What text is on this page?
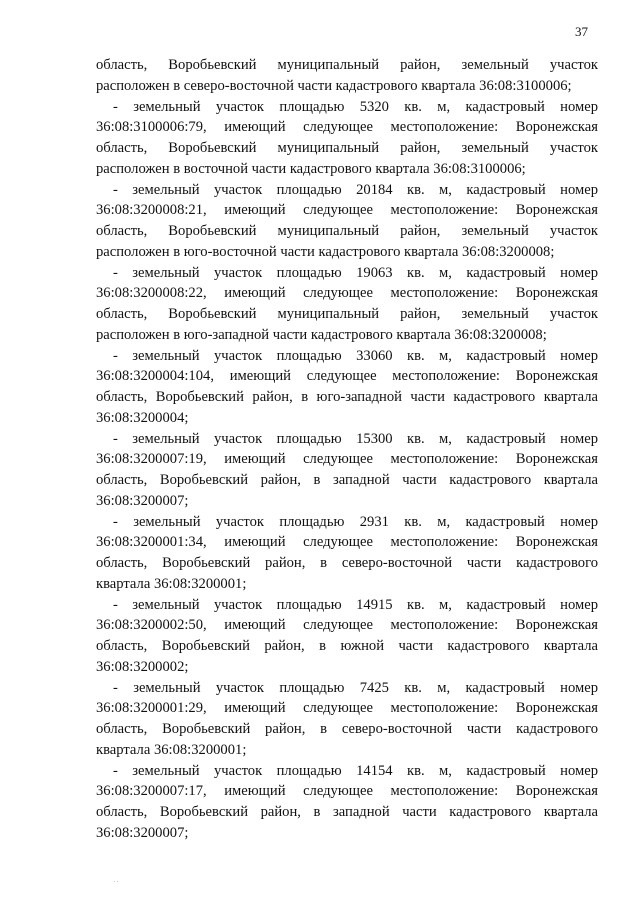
37
область, Воробьевский муниципальный район, земельный участок
расположен в северо-восточной части кадастрового квартала 36:08:3100006;
- земельный участок площадью 5320 кв. м, кадастровый номер
36:08:3100006:79, имеющий следующее местоположение: Воронежская
область, Воробьевский муниципальный район, земельный участок
расположен в восточной части кадастрового квартала 36:08:3100006;
- земельный участок площадью 20184 кв. м, кадастровый номер
36:08:3200008:21, имеющий следующее местоположение: Воронежская
область, Воробьевский муниципальный район, земельный участок
расположен в юго-восточной части кадастрового квартала 36:08:3200008;
- земельный участок площадью 19063 кв. м, кадастровый номер
36:08:3200008:22, имеющий следующее местоположение: Воронежская
область, Воробьевский муниципальный район, земельный участок
расположен в юго-западной части кадастрового квартала 36:08:3200008;
- земельный участок площадью 33060 кв. м, кадастровый номер
36:08:3200004:104, имеющий следующее местоположение: Воронежская
область, Воробьевский район, в юго-западной части кадастрового квартала
36:08:3200004;
- земельный участок площадью 15300 кв. м, кадастровый номер
36:08:3200007:19, имеющий следующее местоположение: Воронежская
область, Воробьевский район, в западной части кадастрового квартала
36:08:3200007;
- земельный участок площадью 2931 кв. м, кадастровый номер
36:08:3200001:34, имеющий следующее местоположение: Воронежская
область, Воробьевский район, в северо-восточной части кадастрового
квартала 36:08:3200001;
- земельный участок площадью 14915 кв. м, кадастровый номер
36:08:3200002:50, имеющий следующее местоположение: Воронежская
область, Воробьевский район, в южной части кадастрового квартала
36:08:3200002;
- земельный участок площадью 7425 кв. м, кадастровый номер
36:08:3200001:29, имеющий следующее местоположение: Воронежская
область, Воробьевский район, в северо-восточной части кадастрового
квартала 36:08:3200001;
- земельный участок площадью 14154 кв. м, кадастровый номер
36:08:3200007:17, имеющий следующее местоположение: Воронежская
область, Воробьевский район, в западной части кадастрового квартала
36:08:3200007;
··
